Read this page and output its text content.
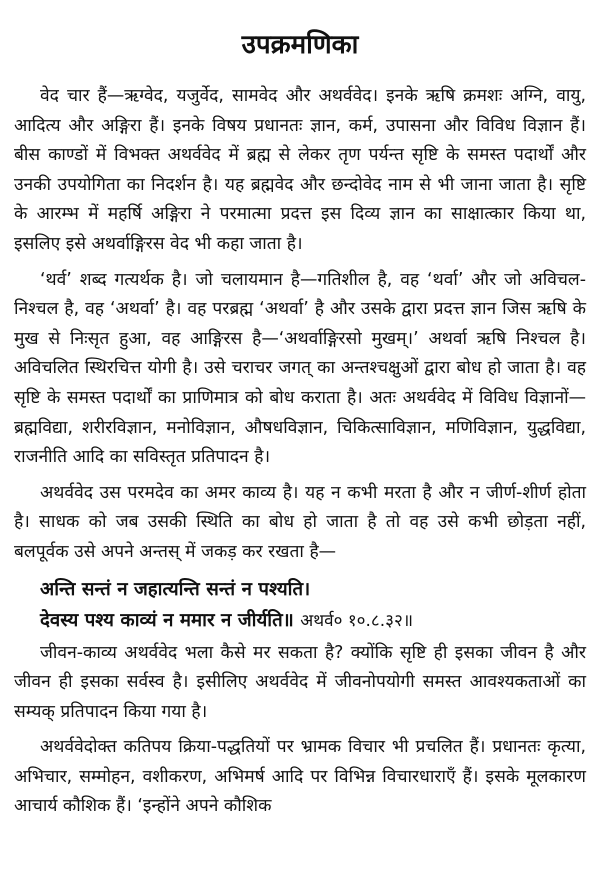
उपक्रमणिका

वेद चार हैं—ऋग्वेद, यजुर्वेद, सामवेद और अथर्ववेद। इनके ऋषि क्रमशः अग्नि, वायु, आदित्य और अङ्गिरा हैं। इनके विषय प्रधानतः ज्ञान, कर्म, उपासना और विविध विज्ञान हैं। बीस काण्डों में विभक्त अथर्ववेद में ब्रह्म से लेकर तृण पर्यन्त सृष्टि के समस्त पदार्थों और उनकी उपयोगिता का निदर्शन है। यह ब्रह्मवेद और छन्दोवेद नाम से भी जाना जाता है। सृष्टि के आरम्भ में महर्षि अङ्गिरा ने परमात्मा प्रदत्त इस दिव्य ज्ञान का साक्षात्कार किया था, इसलिए इसे अथर्वाङ्गिरस वेद भी कहा जाता है।

‘थर्व’ शब्द गत्यर्थक है। जो चलायमान है—गतिशील है, वह ‘थर्वा’ और जो अविचल-निश्चल है, वह ‘अथर्वा’ है। वह परब्रह्म ‘अथर्वा’ है और उसके द्वारा प्रदत्त ज्ञान जिस ऋषि के मुख से निःसृत हुआ, वह आङ्गिरस है—‘अथर्वाङ्गिरसो मुखम्।’ अथर्वा ऋषि निश्चल है। अविचलित स्थिरचित्त योगी है। उसे चराचर जगत् का अन्तश्चक्षुओं द्वारा बोध हो जाता है। वह सृष्टि के समस्त पदार्थों का प्राणिमात्र को बोध कराता है। अतः अथर्ववेद में विविध विज्ञानों—ब्रह्मविद्या, शरीरविज्ञान, मनोविज्ञान, औषधविज्ञान, चिकित्साविज्ञान, मणिविज्ञान, युद्धविद्या, राजनीति आदि का सविस्तृत प्रतिपादन है।

अथर्ववेद उस परमदेव का अमर काव्य है। यह न कभी मरता है और न जीर्ण-शीर्ण होता है। साधक को जब उसकी स्थिति का बोध हो जाता है तो वह उसे कभी छोड़ता नहीं, बलपूर्वक उसे अपने अन्तस् में जकड़ कर रखता है—

अन्ति सन्तं न जहात्यन्ति सन्तं न पश्यति।
देवस्य पश्य काव्यं न ममार न जीर्यति॥ अथर्व० १०.८.३२॥

जीवन-काव्य अथर्ववेद भला कैसे मर सकता है? क्योंकि सृष्टि ही इसका जीवन है और जीवन ही इसका सर्वस्व है। इसीलिए अथर्ववेद में जीवनोपयोगी समस्त आवश्यकताओं का सम्यक् प्रतिपादन किया गया है।

अथर्ववेदोक्त कतिपय क्रिया-पद्धतियों पर भ्रामक विचार भी प्रचलित हैं। प्रधानतः कृत्या, अभिचार, सम्मोहन, वशीकरण, अभिमर्ष आदि पर विभिन्न विचारधाराएँ हैं। इसके मूलकारण आचार्य कौशिक हैं। ‘इन्होंने अपने कौशिक
